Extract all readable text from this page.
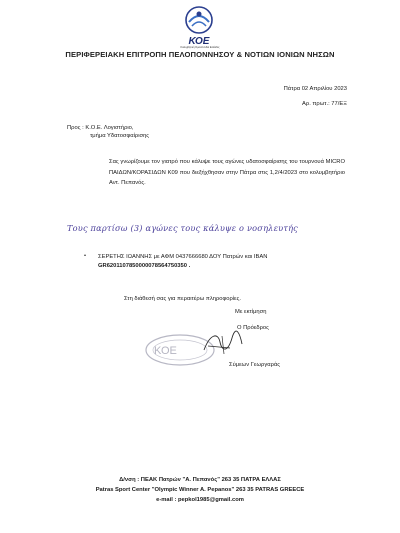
ΚΟΕ
Κολυμβητική Ομοσπονδία Ελλάδος
ΠΕΡΙΦΕΡΕΙΑΚΗ ΕΠΙΤΡΟΠΗ ΠΕΛΟΠΟΝΝΗΣΟΥ & ΝΟΤΙΩΝ ΙΟΝΙΩΝ ΝΗΣΩΝ
Πάτρα 02 Απριλίου 2023
Αρ. πρωτ.: 77/ΕΞ
Προς : Κ.Ο.Ε. Λογιστήριο,
τμήμα Υδατοσφαίρισης
Σας γνωρίζουμε τον γιατρό που κάλυψε τους αγώνες υδατοσφαίρισης του τουρνουά MICRO ΠΑΙΔΩΝ/ΚΟΡΑΣΙΔΩΝ Κ09 που διεξήχθησαν στην Πάτρα στις 1,2/4/2023 στο κολυμβητήριο Αντ. Πεπανός.
Τους παρτίσω (3) αγώνες τους κάλυψε ο νοσηλευτής
• ΣΕΡΕΤΗΣ ΙΩΑΝΝΗΣ με ΑΦΜ 0437666680 ΔΟΥ Πατρών και IBAN
GR6201107850000078564750350 .
Στη διάθεσή σας για περαιτέρω πληροφορίες.
Με εκτίμηση
Ο Πρόεδρος
ΚΟΕ
Σύμεων Γεωργαράς
Δ/νση : ΠΕΑΚ Πατρών "Α. Πεπανός" 263 35 ΠΑΤΡΑ ΕΛΛΑΣ
Patras Sport Center "Olympic Winner A. Pepanos" 263 35 PATRAS GREECE
e-mail : pepkol1985@gmail.com
